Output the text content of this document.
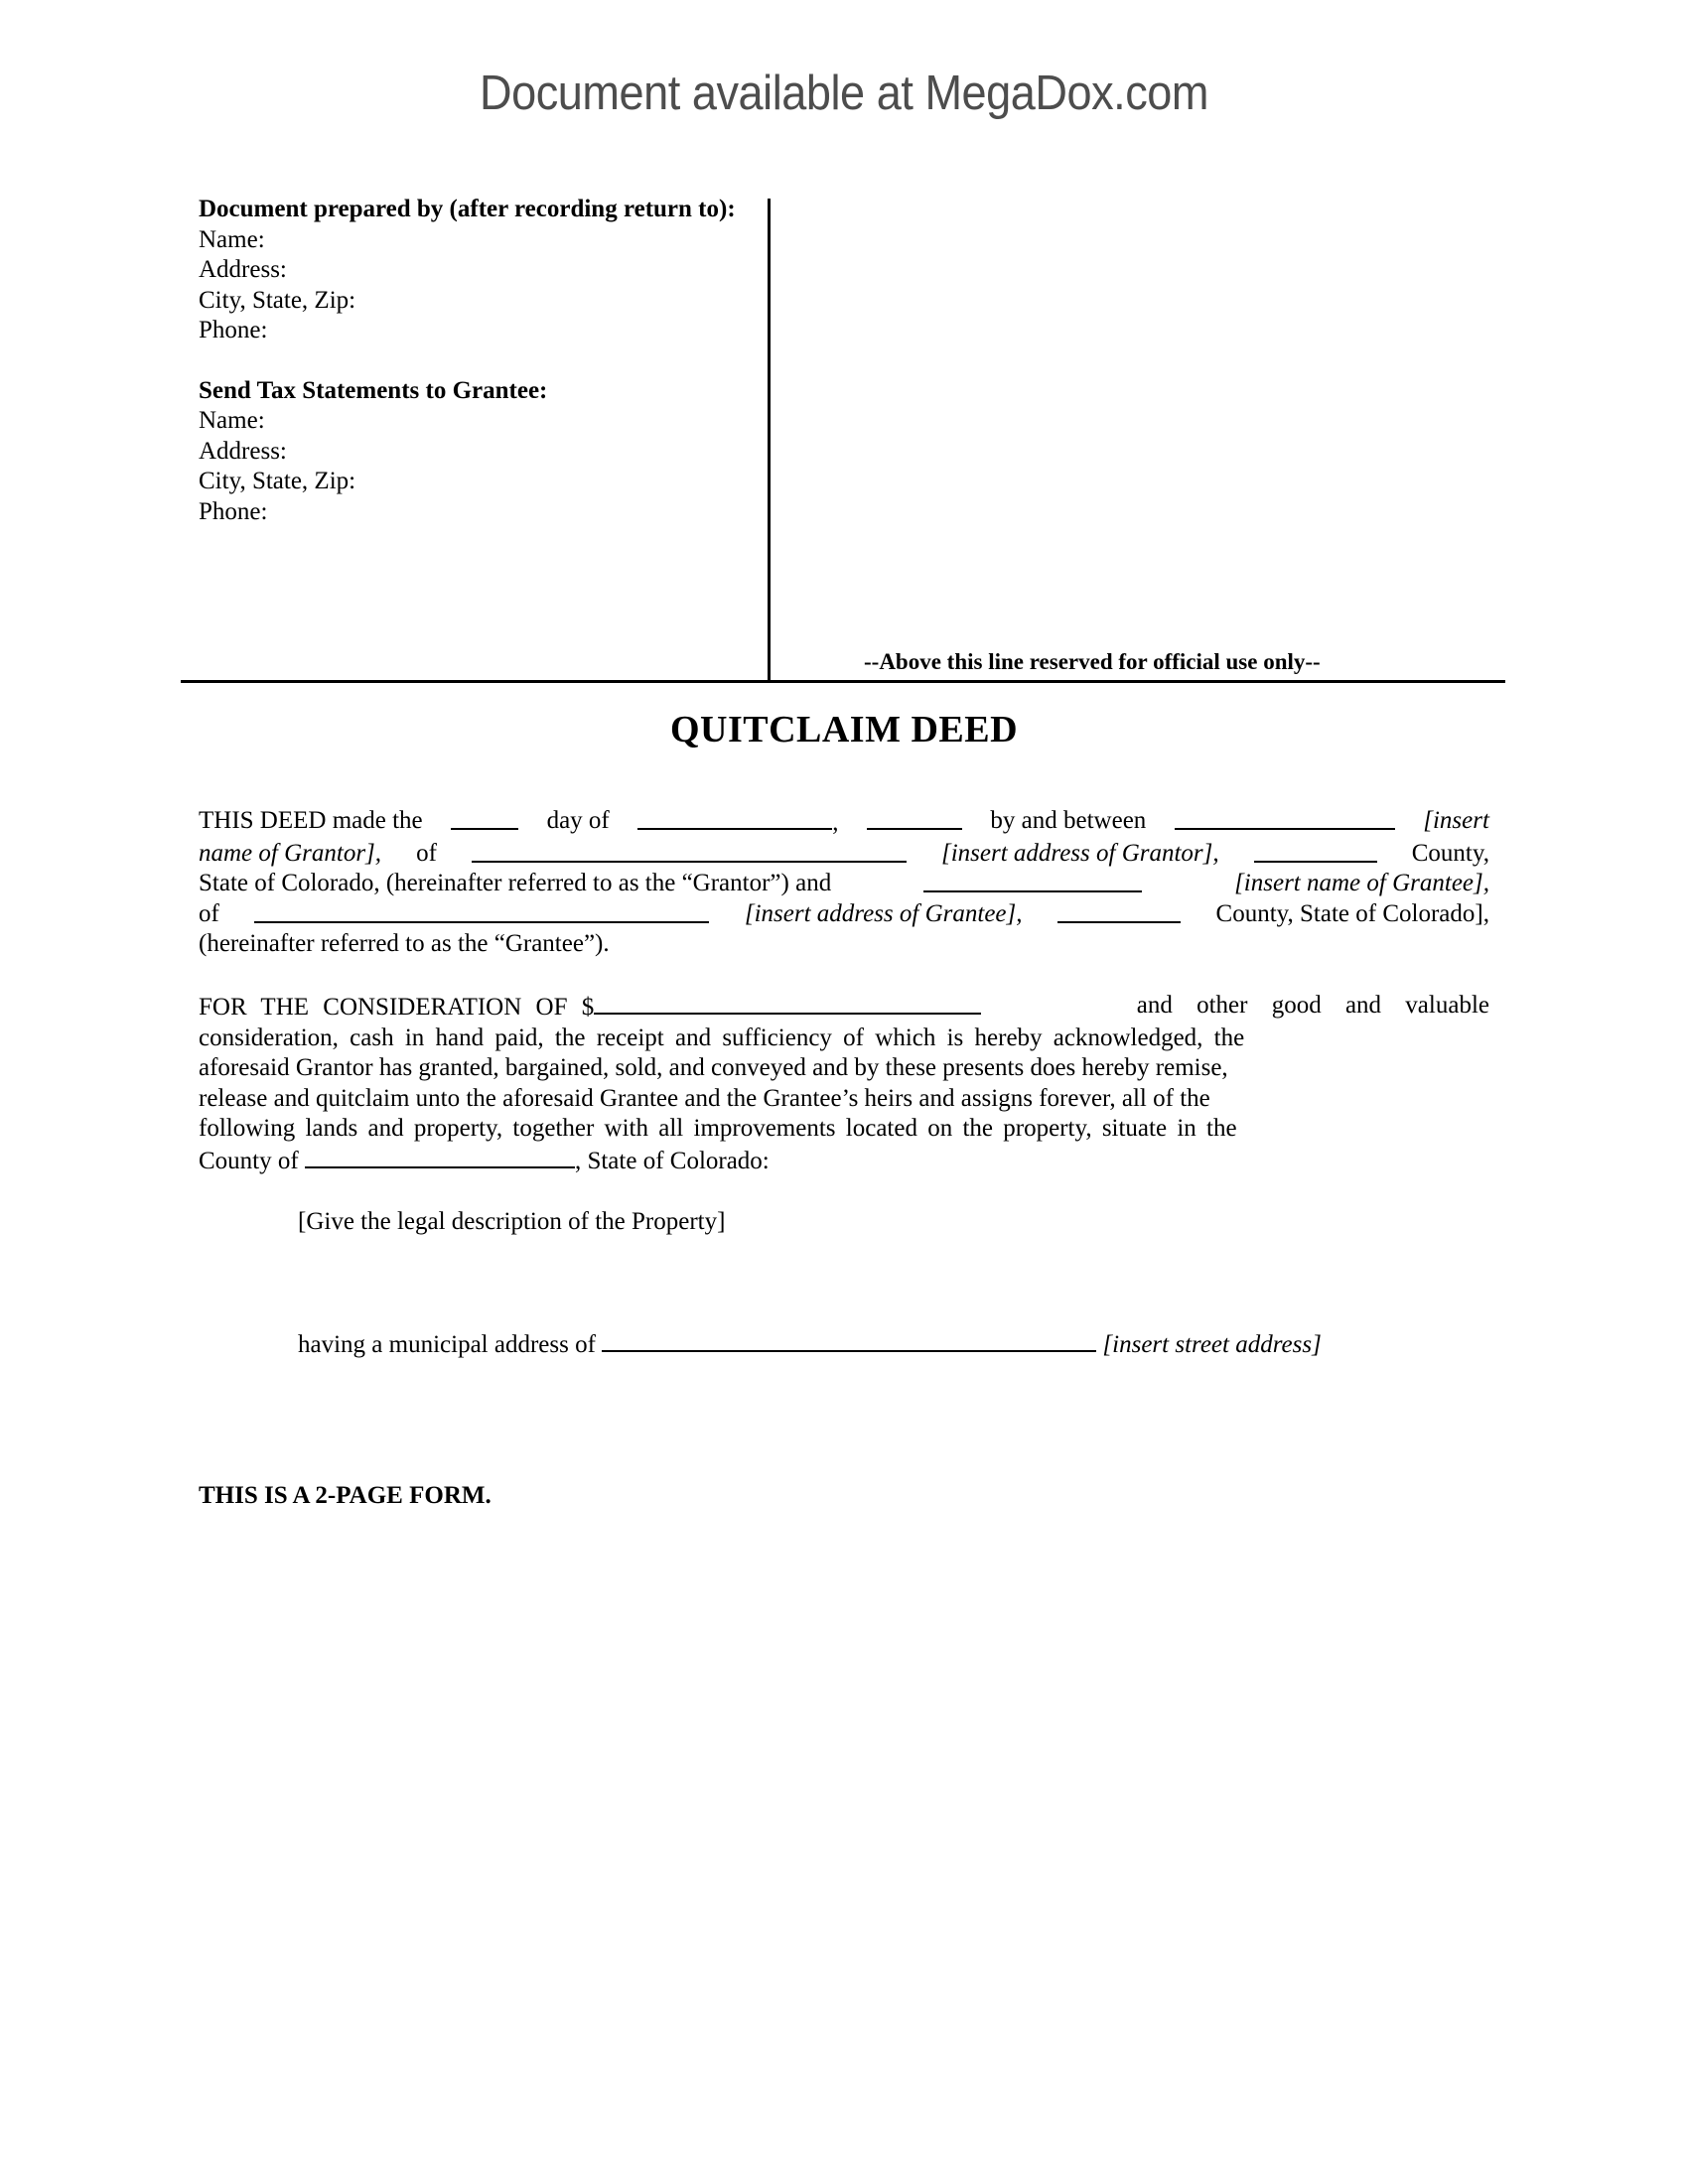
Document available at MegaDox.com
Document prepared by (after recording return to):
Name:
Address:
City, State, Zip:
Phone:
Send Tax Statements to Grantee:
Name:
Address:
City, State, Zip:
Phone:
--Above this line reserved for official use only--
QUITCLAIM DEED
THIS DEED made the	day of	,	by and between	[insert
name of Grantor], of	[insert address of Grantor],	County,
State of Colorado, (hereinafter referred to as the “Grantor”) and	[insert name of Grantee],
of	[insert address of Grantee],	County, State of Colorado],
(hereinafter referred to as the “Grantee”).
FOR THE CONSIDERATION OF $	and other good and valuable
consideration, cash in hand paid, the receipt and sufficiency of which is hereby acknowledged, the
aforesaid Grantor has granted, bargained, sold, and conveyed and by these presents does hereby remise,
release and quitclaim unto the aforesaid Grantee and the Grantee’s heirs and assigns forever, all of the
following lands and property, together with all improvements located on the property, situate in the
County of	, State of Colorado:
[Give the legal description of the Property]
having a municipal address of	[insert street address]
THIS IS A 2-PAGE FORM.
